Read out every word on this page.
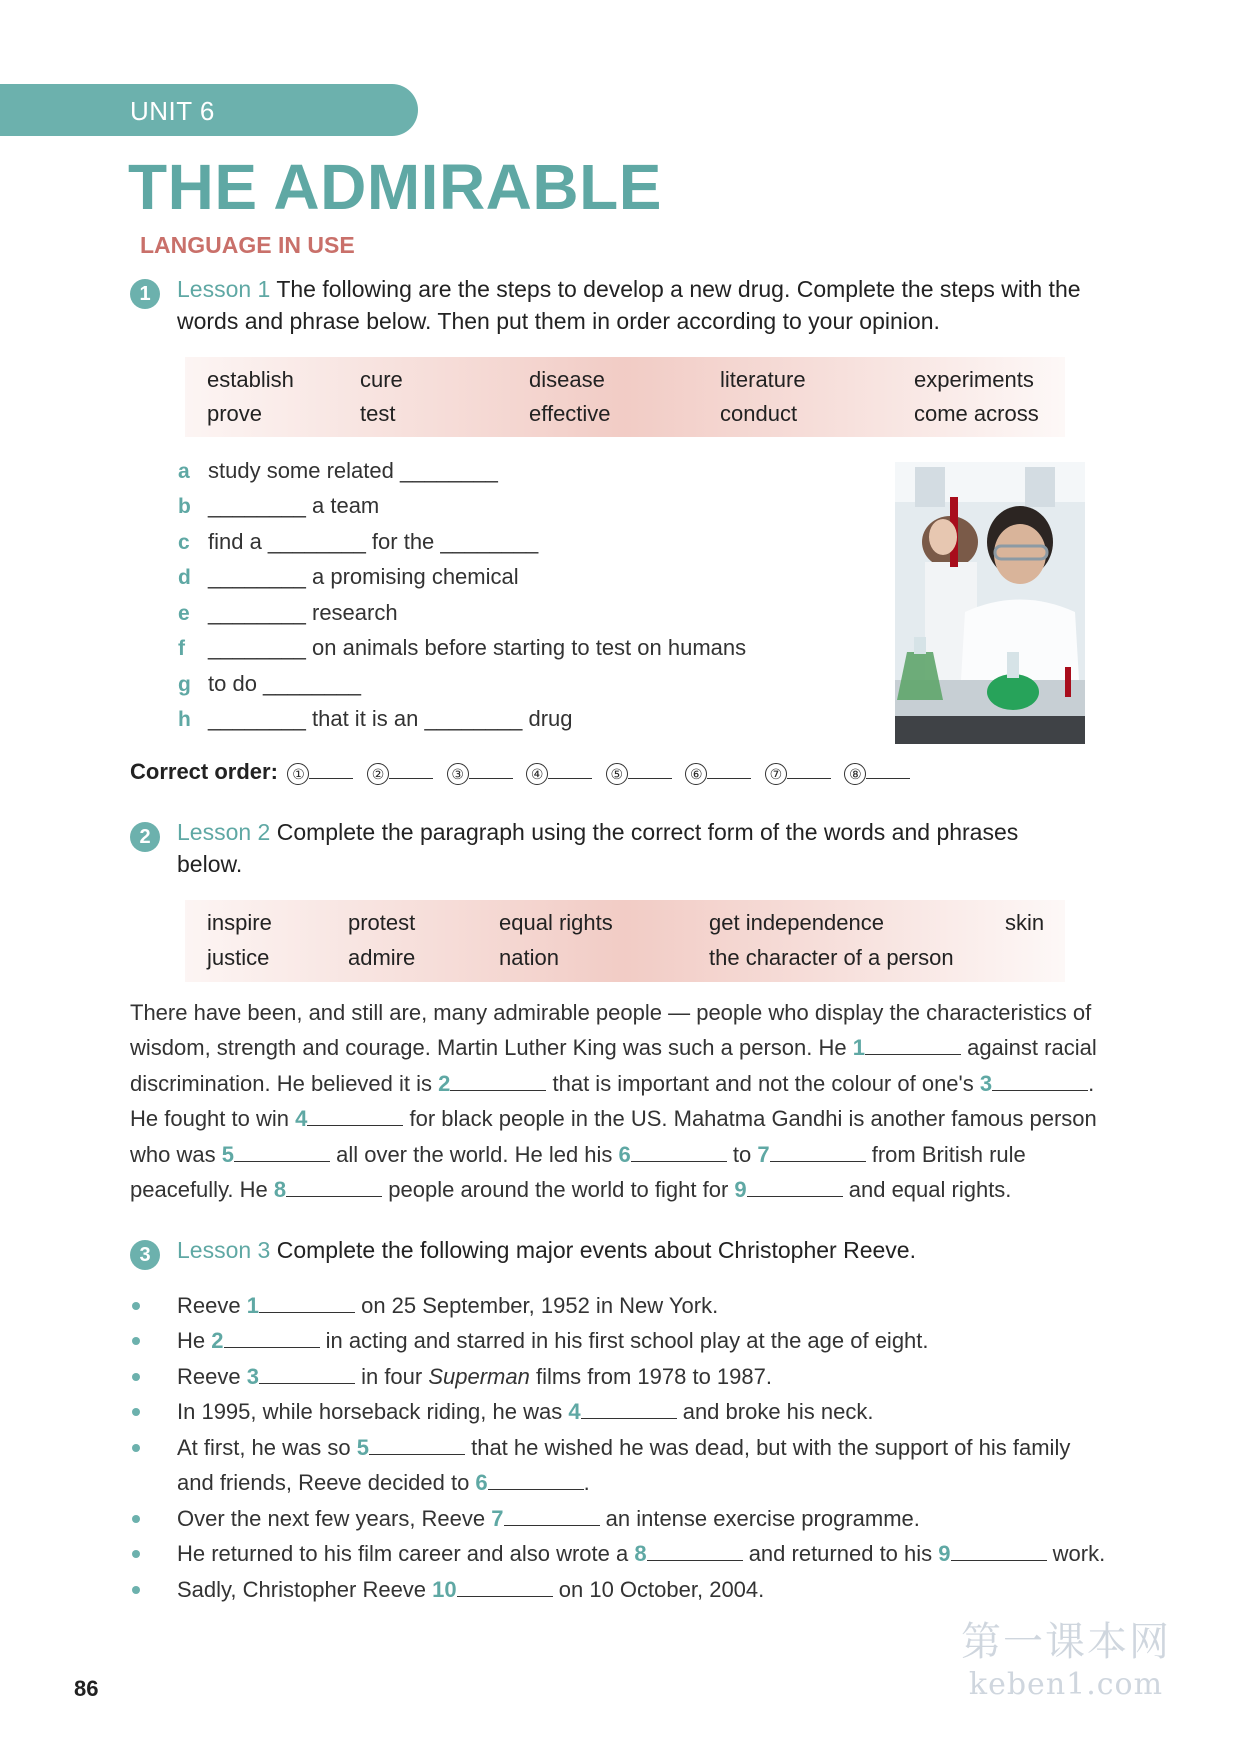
UNIT 6
THE ADMIRABLE
LANGUAGE IN USE
1	Lesson 1 The following are the steps to develop a new drug. Complete the steps with the
words and phrase below. Then put them in order according to your opinion.
establish	cure	disease	literature	experiments
prove	test	effective	conduct	come across
a study some related ________
b ________ a team
c find a ________ for the ________
d ________ a promising chemical
e ________ research
f ________ on animals before starting to test on humans
g to do ________
h ________ that it is an ________ drug
Correct order: ①	②	③	④	⑤	⑥	⑦	⑧
2	Lesson 2 Complete the paragraph using the correct form of the words and phrases
below.
inspire	protest	equal rights	get independence	skin
justice	admire	nation	the character of a person
There have been, and still are, many admirable people — people who display the characteristics of wisdom, strength and courage. Martin Luther King was such a person. He 1	against racial discrimination. He believed it is 2	that is important and not the colour of one's 3	. He fought to win 4	for black people in the US. Mahatma Gandhi is another famous person who was 5	all over the world. He led his 6	to 7	from British rule peacefully. He 8	people around the world to fight for 9	and equal rights.
3	Lesson 3 Complete the following major events about Christopher Reeve.
Reeve 1	on 25 September, 1952 in New York.
He 2	in acting and starred in his first school play at the age of eight.
Reeve 3	in four Superman films from 1978 to 1987.
In 1995, while horseback riding, he was 4	and broke his neck.
At first, he was so 5	that he wished he was dead, but with the support of his family
and friends, Reeve decided to 6	.
Over the next few years, Reeve 7	an intense exercise programme.
He returned to his film career and also wrote a 8	and returned to his 9	work.
Sadly, Christopher Reeve 10	on 10 October, 2004.
86
第一课本网
keben1.com
